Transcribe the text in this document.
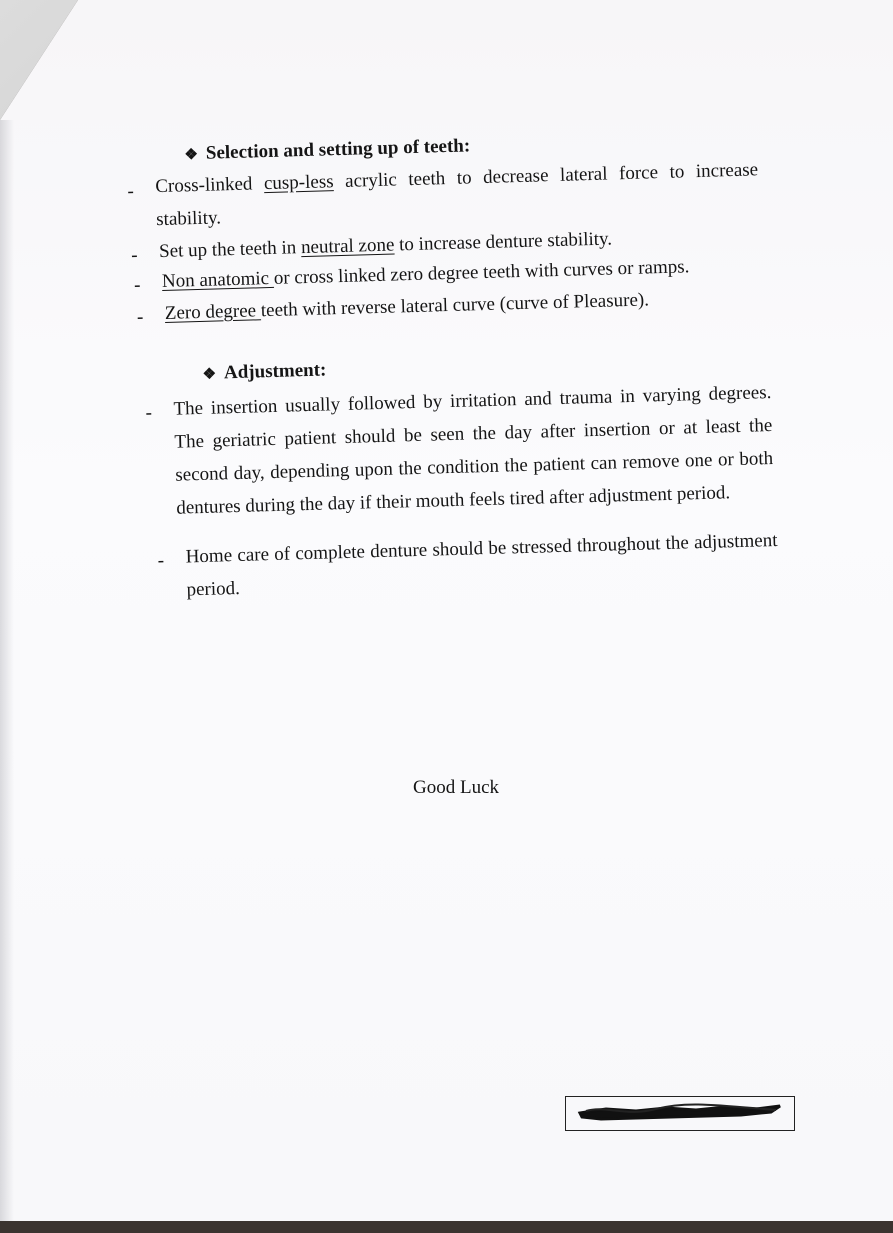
❖ Selection and setting up of teeth:
- Cross-linked cusp-less acrylic teeth to decrease lateral force to increase stability.
- Set up the teeth in neutral zone to increase denture stability.
- Non anatomic or cross linked zero degree teeth with curves or ramps.
- Zero degree teeth with reverse lateral curve (curve of Pleasure).
❖ Adjustment:
- The insertion usually followed by irritation and trauma in varying degrees. The geriatric patient should be seen the day after insertion or at least the second day, depending upon the condition the patient can remove one or both dentures during the day if their mouth feels tired after adjustment period.
- Home care of complete denture should be stressed throughout the adjustment period.
Good Luck
